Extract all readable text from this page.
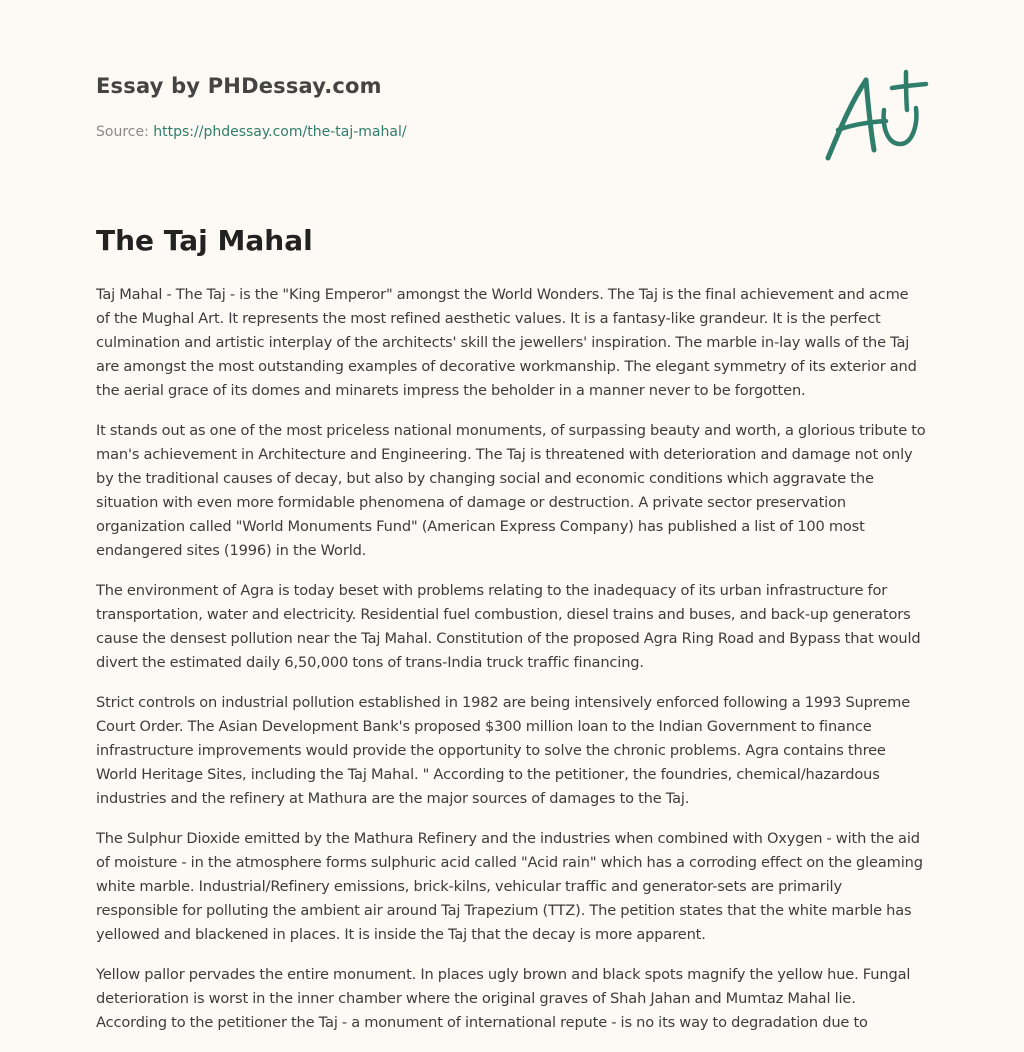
Essay by PHDessay.com
Source: https://phdessay.com/the-taj-mahal/
The Taj Mahal

Taj Mahal - The Taj - is the "King Emperor" amongst the World Wonders. The Taj is the final achievement and acme of the Mughal Art. It represents the most refined aesthetic values. It is a fantasy-like grandeur. It is the perfect culmination and artistic interplay of the architects' skill the jewellers' inspiration. The marble in-lay walls of the Taj are amongst the most outstanding examples of decorative workmanship. The elegant symmetry of its exterior and the aerial grace of its domes and minarets impress the beholder in a manner never to be forgotten.

It stands out as one of the most priceless national monuments, of surpassing beauty and worth, a glorious tribute to man's achievement in Architecture and Engineering. The Taj is threatened with deterioration and damage not only by the traditional causes of decay, but also by changing social and economic conditions which aggravate the situation with even more formidable phenomena of damage or destruction. A private sector preservation organization called "World Monuments Fund" (American Express Company) has published a list of 100 most endangered sites (1996) in the World.

The environment of Agra is today beset with problems relating to the inadequacy of its urban infrastructure for transportation, water and electricity. Residential fuel combustion, diesel trains and buses, and back-up generators cause the densest pollution near the Taj Mahal. Constitution of the proposed Agra Ring Road and Bypass that would divert the estimated daily 6,50,000 tons of trans-India truck traffic financing.

Strict controls on industrial pollution established in 1982 are being intensively enforced following a 1993 Supreme Court Order. The Asian Development Bank's proposed $300 million loan to the Indian Government to finance infrastructure improvements would provide the opportunity to solve the chronic problems. Agra contains three World Heritage Sites, including the Taj Mahal. " According to the petitioner, the foundries, chemical/hazardous industries and the refinery at Mathura are the major sources of damages to the Taj.

The Sulphur Dioxide emitted by the Mathura Refinery and the industries when combined with Oxygen - with the aid of moisture - in the atmosphere forms sulphuric acid called "Acid rain" which has a corroding effect on the gleaming white marble. Industrial/Refinery emissions, brick-kilns, vehicular traffic and generator-sets are primarily responsible for polluting the ambient air around Taj Trapezium (TTZ). The petition states that the white marble has yellowed and blackened in places. It is inside the Taj that the decay is more apparent.

Yellow pallor pervades the entire monument. In places ugly brown and black spots magnify the yellow hue. Fungal deterioration is worst in the inner chamber where the original graves of Shah Jahan and Mumtaz Mahal lie. According to the petitioner the Taj - a monument of international repute - is no its way to degradation due to
